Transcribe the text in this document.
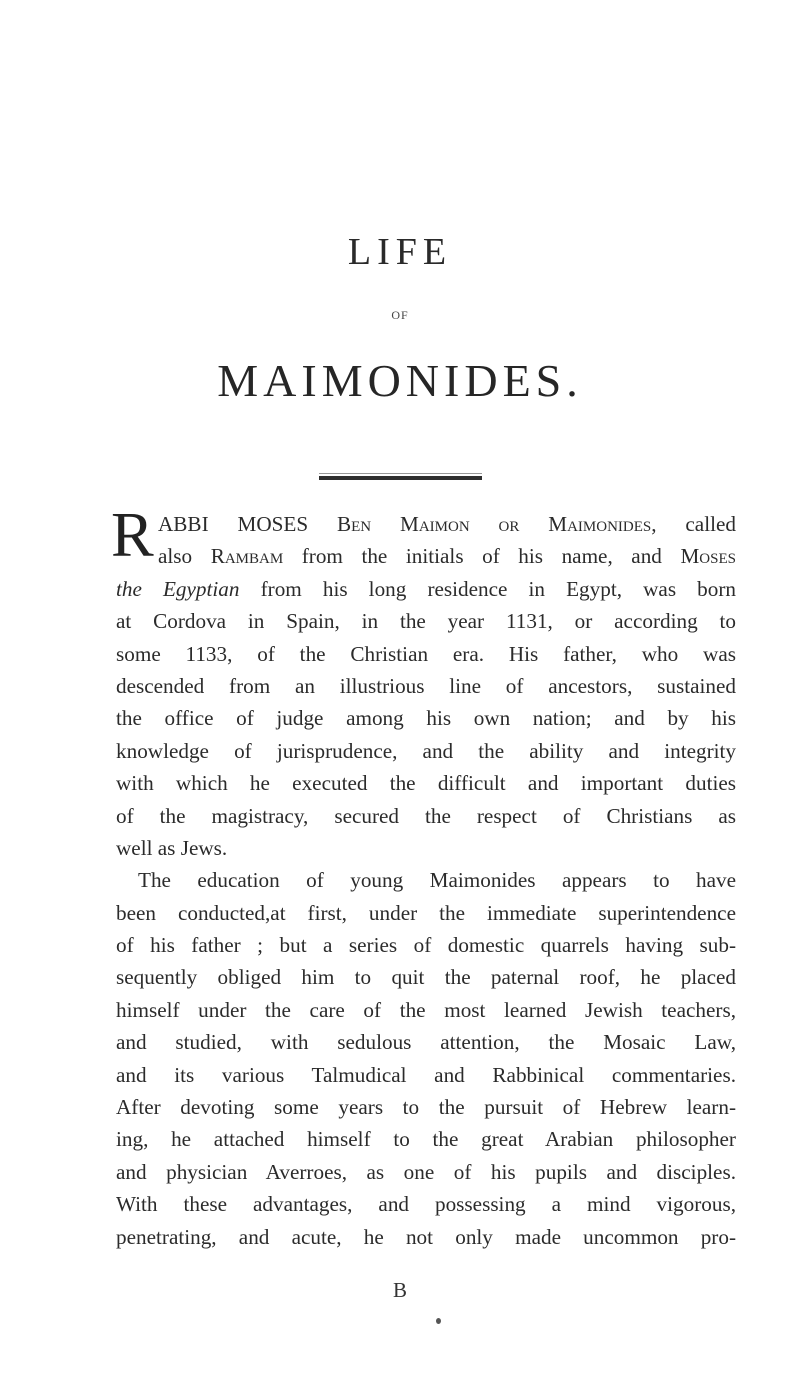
LIFE
OF
MAIMONIDES.
R ABBI MOSES Ben Maimon or Maimonides, called
also Rambam from the initials of his name, and Moses
the Egyptian from his long residence in Egypt, was born
at Cordova in Spain, in the year 1131, or according to
some 1133, of the Christian era. His father, who was
descended from an illustrious line of ancestors, sustained
the office of judge among his own nation; and by his
knowledge of jurisprudence, and the ability and integrity
with which he executed the difficult and important duties
of the magistracy, secured the respect of Christians as
well as Jews.
The education of young Maimonides appears to have
been conducted,at first, under the immediate superintendence
of his father ; but a series of domestic quarrels having sub-
sequently obliged him to quit the paternal roof, he placed
himself under the care of the most learned Jewish teachers,
and studied, with sedulous attention, the Mosaic Law,
and its various Talmudical and Rabbinical commentaries.
After devoting some years to the pursuit of Hebrew learn-
ing, he attached himself to the great Arabian philosopher
and physician Averroes, as one of his pupils and disciples.
With these advantages, and possessing a mind vigorous,
penetrating, and acute, he not only made uncommon pro-
B
